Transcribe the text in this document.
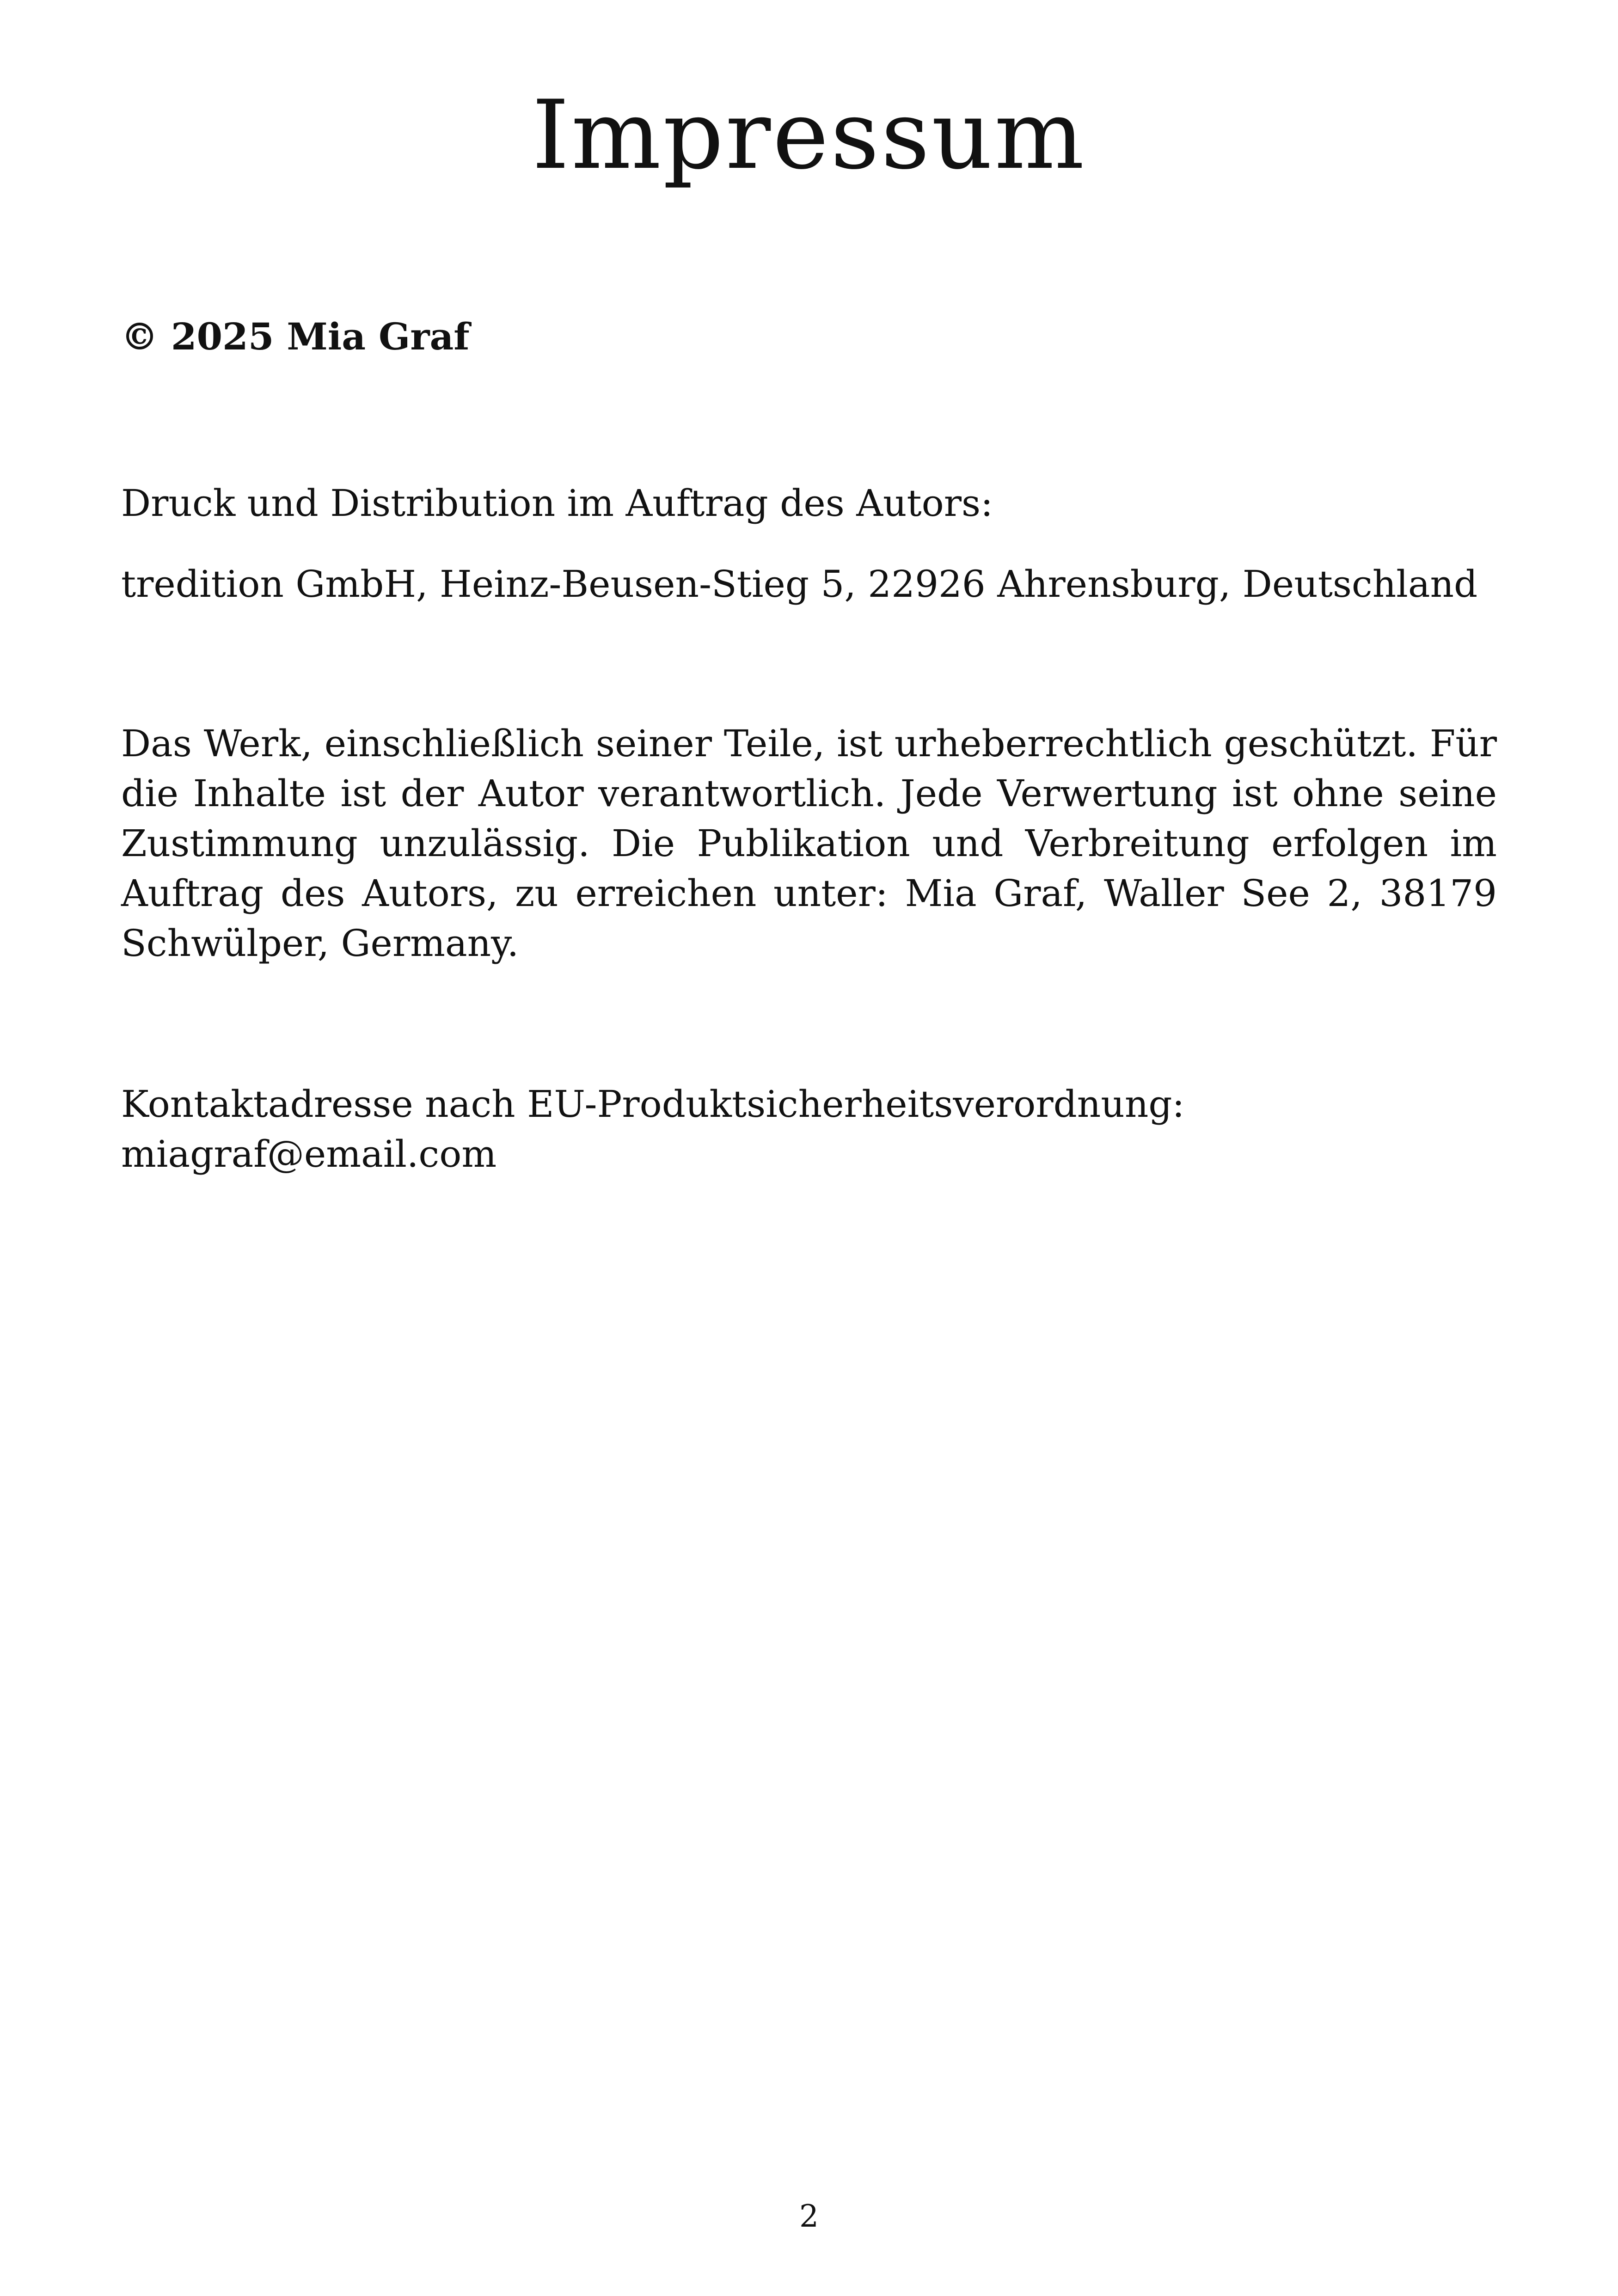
Impressum

© 2025 Mia Graf

Druck und Distribution im Auftrag des Autors:

tredition GmbH, Heinz-Beusen-Stieg 5, 22926 Ahrensburg, Deutschland

Das Werk, einschließlich seiner Teile, ist urheberrechtlich geschützt. Für die Inhalte ist der Autor verantwortlich. Jede Verwertung ist ohne seine Zustimmung unzulässig. Die Publikation und Verbreitung erfolgen im Auftrag des Autors, zu erreichen unter: Mia Graf, Waller See 2, 38179 Schwülper, Germany.

Kontaktadresse nach EU-Produktsicherheitsverordnung:
miagraf@email.com

2
